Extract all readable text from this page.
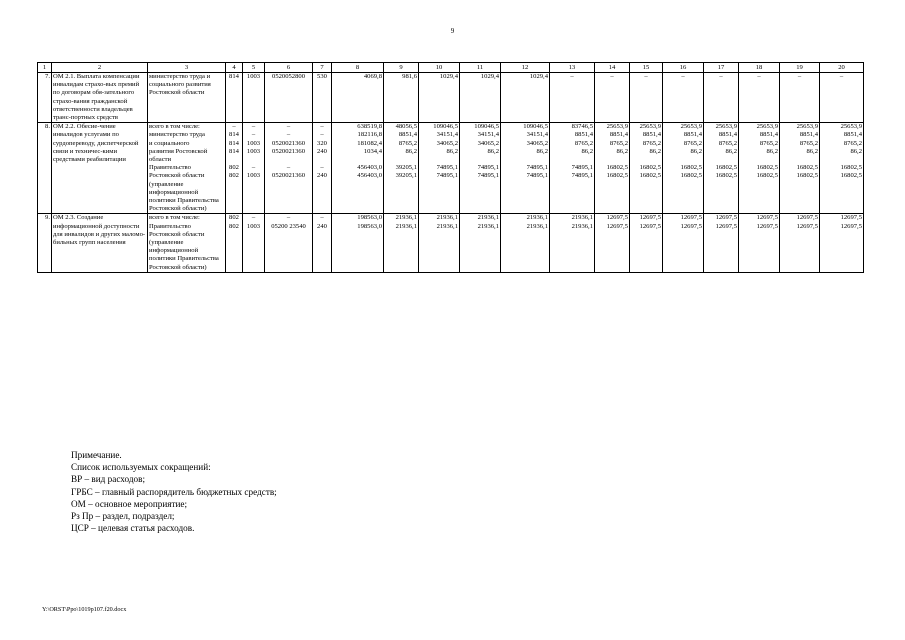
9
1	2	3	4	5	6	7	8	9	10	11	12	13	14	15	16	17	18	19	20
7.	ОМ 2.1. Выплата компенсации инвалидам страхо-вых премий по договорам обя-зательного страхо-вания гражданской ответственности владельцев транс-портных средств	министерство труда и социального развития Ростовской области	814	1003	0520052800	530	4069,8	981,6	1029,4	1029,4	1029,4	–	–	–	–	–	–	–	–
8.	ОМ 2.2. Обесие-чение инвалидов услугами по сурдопереводу, диспетчерской связи и техничес-кими средствами реабилитации	всего в том числе:	–	–	–	–	638519,8	48056,5	109046,5	109046,5	109046,5	83746,5	25653,9	25653,9	25653,9	25653,9	25653,9	25653,9	25653,9
		министерство труда	814	–	–	–	182116,8	8851,4	34151,4	34151,4	34151,4	8851,4	8851,4	8851,4	8851,4	8851,4	8851,4	8851,4	8851,4
		и социального	814	1003	0520021360	320	181082,4	8765,2	34065,2	34065,2	34065,2	8765,2	8765,2	8765,2	8765,2	8765,2	8765,2	8765,2	8765,2
		развития Ростовской области	814	1003	0520021360	240	1034,4	86,2	86,2	86,2	86,2	86,2	86,2	86,2	86,2	86,2	86,2	86,2	86,2
		Правительство	802	–	–	–	456403,0	39205,1	74895,1	74895,1	74895,1	74895,1	16802,5	16802,5	16802,5	16802,5	16802,5	16802,5	16802,5
		Ростовской области (управление информационной политики Правительства Ростовской области)	802	1003	0520021360	240	456403,0	39205,1	74895,1	74895,1	74895,1	74895,1	16802,5	16802,5	16802,5	16802,5	16802,5	16802,5	16802,5
9.	ОМ 2.3. Создание информационной доступности для инвалидов и других маломо-бильных групп населения	всего в том числе:	802	–	–	–	198563,0	21936,1	21936,1	21936,1	21936,1	21936,1	12697,5	12697,5	12697,5	12697,5	12697,5	12697,5	12697,5
		Правительство Ростовской области (управление информационной политики Правительства Ростовской области)	802	1003	05200 23540	240	198563,0	21936,1	21936,1	21936,1	21936,1	21936,1	12697,5	12697,5	12697,5	12697,5	12697,5	12697,5	12697,5
Примечание.
Список используемых сокращений:
ВР – вид расходов;
ГРБС – главный распорядитель бюджетных средств;
ОМ – основное мероприятие;
Рз Пр – раздел, подраздел;
ЦСР – целевая статья расходов.
Y:\ORST\Ppo\1019p107.f20.docx
